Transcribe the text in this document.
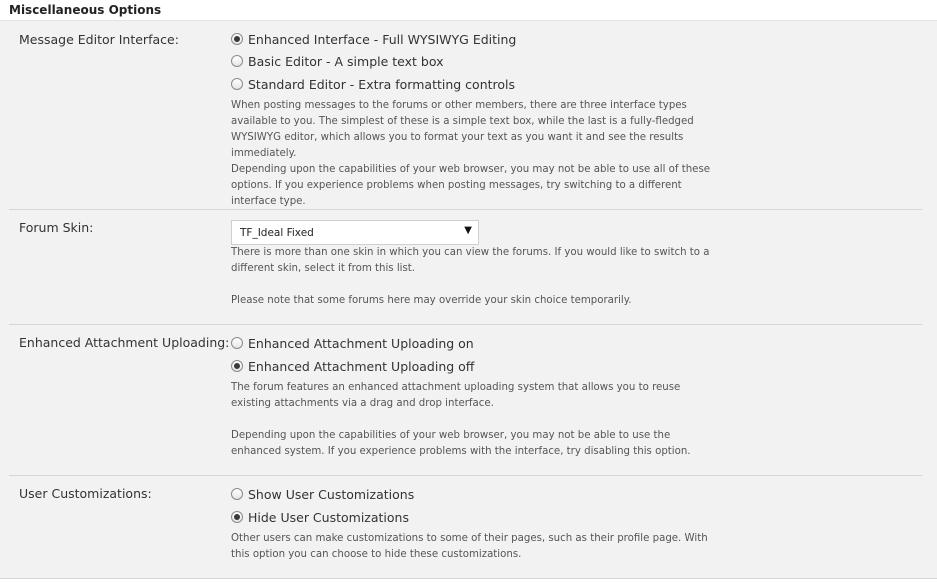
Miscellaneous Options
Message Editor Interface:	Enhanced Interface - Full WYSIWYG Editing
Basic Editor - A simple text box
Standard Editor - Extra formatting controls
When posting messages to the forums or other members, there are three interface types available to you. The simplest of these is a simple text box, while the last is a fully-fledged WYSIWYG editor, which allows you to format your text as you want it and see the results immediately.
Depending upon the capabilities of your web browser, you may not be able to use all of these options. If you experience problems when posting messages, try switching to a different interface type.
Forum Skin:	TF_Ideal Fixed	▼
There is more than one skin in which you can view the forums. If you would like to switch to a different skin, select it from this list.
Please note that some forums here may override your skin choice temporarily.
Enhanced Attachment Uploading: Enhanced Attachment Uploading on
Enhanced Attachment Uploading off
The forum features an enhanced attachment uploading system that allows you to reuse existing attachments via a drag and drop interface.
Depending upon the capabilities of your web browser, you may not be able to use the enhanced system. If you experience problems with the interface, try disabling this option.
User Customizations:	Show User Customizations
Hide User Customizations
Other users can make customizations to some of their pages, such as their profile page. With this option you can choose to hide these customizations.
